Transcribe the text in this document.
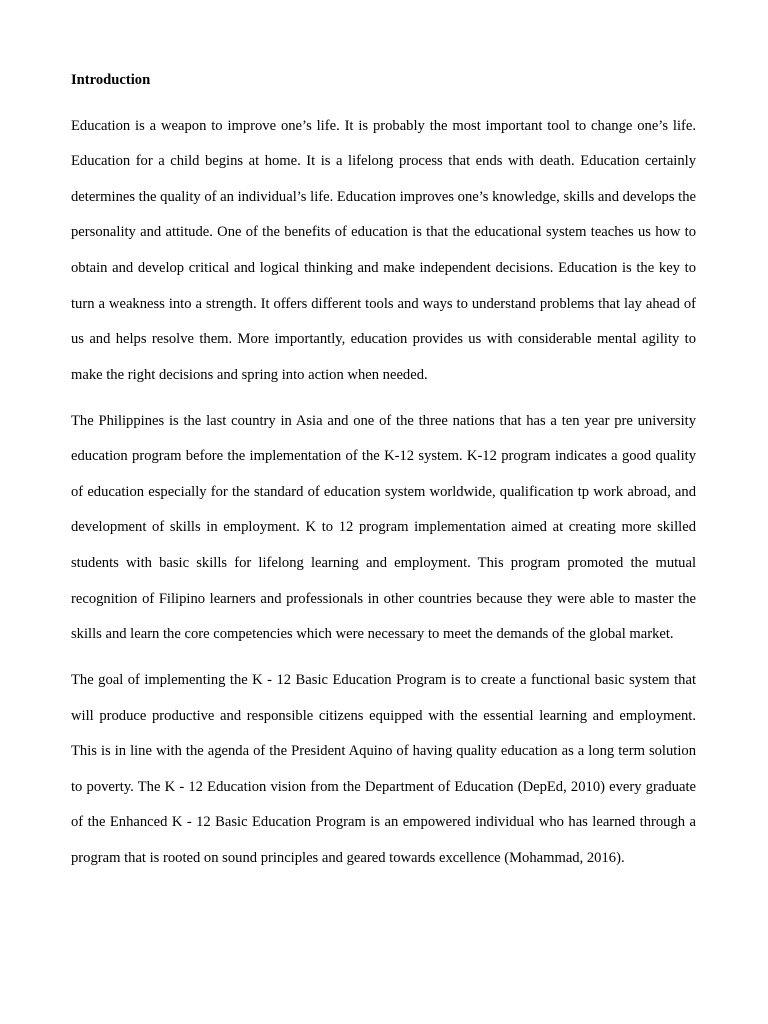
Introduction

Education is a weapon to improve one’s life. It is probably the most important tool to change one’s life. Education for a child begins at home. It is a lifelong process that ends with death. Education certainly determines the quality of an individual’s life. Education improves one’s knowledge, skills and develops the personality and attitude. One of the benefits of education is that the educational system teaches us how to obtain and develop critical and logical thinking and make independent decisions. Education is the key to turn a weakness into a strength. It offers different tools and ways to understand problems that lay ahead of us and helps resolve them. More importantly, education provides us with considerable mental agility to make the right decisions and spring into action when needed.

The Philippines is the last country in Asia and one of the three nations that has a ten year pre university education program before the implementation of the K-12 system. K-12 program indicates a good quality of education especially for the standard of education system worldwide, qualification tp work abroad, and development of skills in employment. K to 12 program implementation aimed at creating more skilled students with basic skills for lifelong learning and employment. This program promoted the mutual recognition of Filipino learners and professionals in other countries because they were able to master the skills and learn the core competencies which were necessary to meet the demands of the global market.

The goal of implementing the K - 12 Basic Education Program is to create a functional basic system that will produce productive and responsible citizens equipped with the essential learning and employment. This is in line with the agenda of the President Aquino of having quality education as a long term solution to poverty. The K - 12 Education vision from the Department of Education (DepEd, 2010) every graduate of the Enhanced K - 12 Basic Education Program is an empowered individual who has learned through a program that is rooted on sound principles and geared towards excellence (Mohammad, 2016).
